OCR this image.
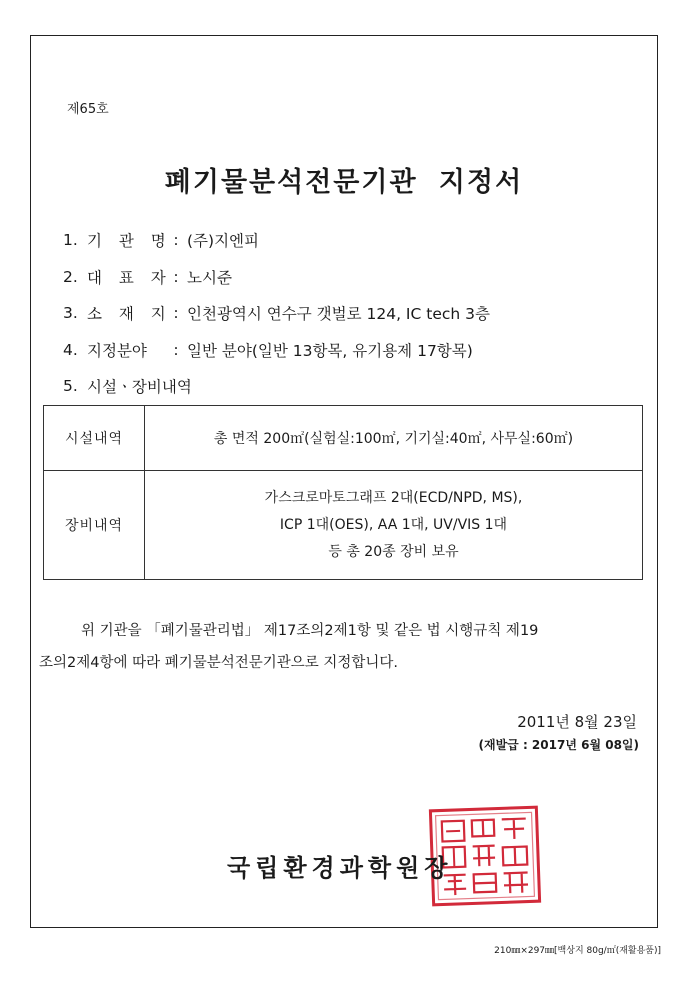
제65호
폐기물분석전문기관 지정서
1. 기 관 명 : (주)지엔피
2. 대 표 자 : 노시준
3. 소 재 지 : 인천광역시 연수구 갯벌로 124, IC tech 3층
4. 지정분야	: 일반 분야(일반 13항목, 유기용제 17항목)
5. 시설ㆍ장비내역
시설내역	총 면적 200㎡(실험실:100㎡, 기기실:40㎡, 사무실:60㎡)
장비내역	가스크로마토그래프 2대(ECD/NPD, MS),
ICP 1대(OES), AA 1대, UV/VIS 1대
등 총 20종 장비 보유
위 기관을 「폐기물관리법」 제17조의2제1항 및 같은 법 시행규칙 제19
조의2제4항에 따라 폐기물분석전문기관으로 지정합니다.
2011년 8월 23일
(재발급 : 2017년 6월 08일)
국립환경과학원장
210㎜×297㎜[백상지 80g/㎡(재활용품)]
